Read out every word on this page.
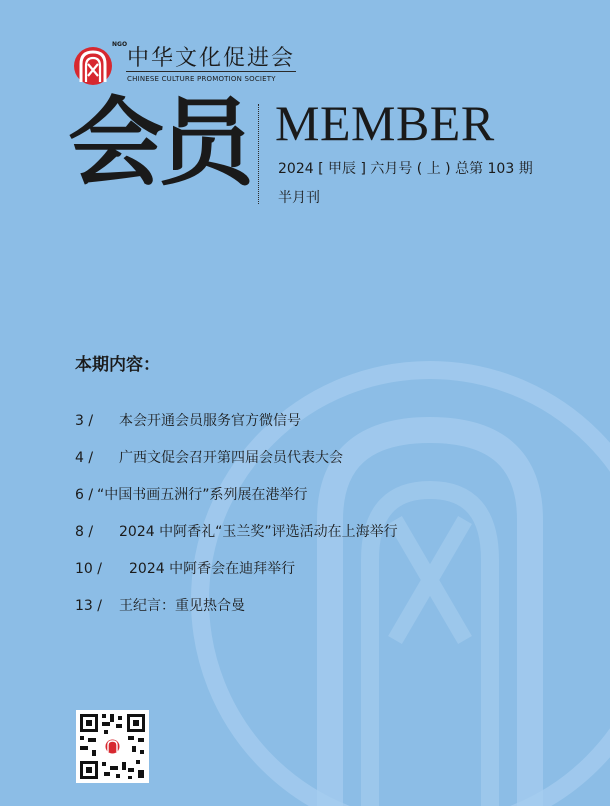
NGO
中华文化促进会
CHINESE CULTURE PROMOTION SOCIETY
会员 MEMBER
2024 [ 甲辰 ] 六月号 ( 上 ) 总第 103 期
半月刊
本期内容：
3 / 本会开通会员服务官方微信号
4 / 广西文促会召开第四届会员代表大会
6 / “中国书画五洲行”系列展在港举行
8 / 2024 中阿香礼“玉兰奖”评选活动在上海举行
10 / 2024 中阿香会在迪拜举行
13 / 王纪言：重见热合曼
